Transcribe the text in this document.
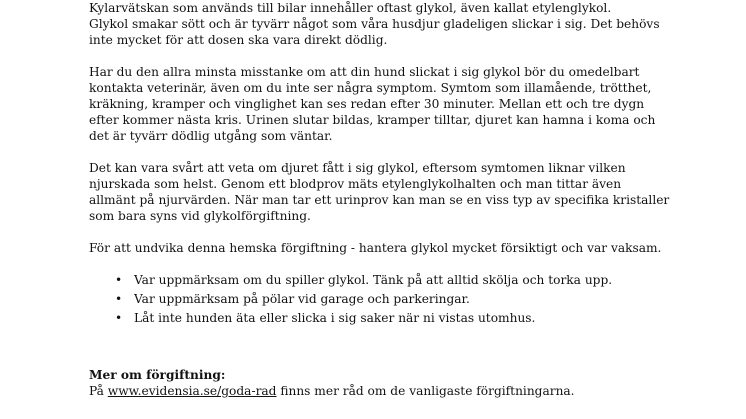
Kylarvätskan som används till bilar innehåller oftast glykol, även kallat etylenglykol.
Glykol smakar sött och är tyvärr något som våra husdjur gladeligen slickar i sig. Det behövs
inte mycket för att dosen ska vara direkt dödlig.

Har du den allra minsta misstanke om att din hund slickat i sig glykol bör du omedelbart
kontakta veterinär, även om du inte ser några symptom. Symtom som illamående, trötthet,
kräkning, kramper och vinglighet kan ses redan efter 30 minuter. Mellan ett och tre dygn
efter kommer nästa kris. Urinen slutar bildas, kramper tilltar, djuret kan hamna i koma och
det är tyvärr dödlig utgång som väntar.

Det kan vara svårt att veta om djuret fått i sig glykol, eftersom symtomen liknar vilken
njurskada som helst. Genom ett blodprov mäts etylenglykolhalten och man tittar även
allmänt på njurvärden. När man tar ett urinprov kan man se en viss typ av specifika kristaller
som bara syns vid glykolförgiftning.

För att undvika denna hemska förgiftning - hantera glykol mycket försiktigt och var vaksam.

• Var uppmärksam om du spiller glykol. Tänk på att alltid skölja och torka upp.
• Var uppmärksam på pölar vid garage och parkeringar.
• Låt inte hunden äta eller slicka i sig saker när ni vistas utomhus.
Mer om förgiftning:
På www.evidensia.se/goda-rad finns mer råd om de vanligaste förgiftningarna.
